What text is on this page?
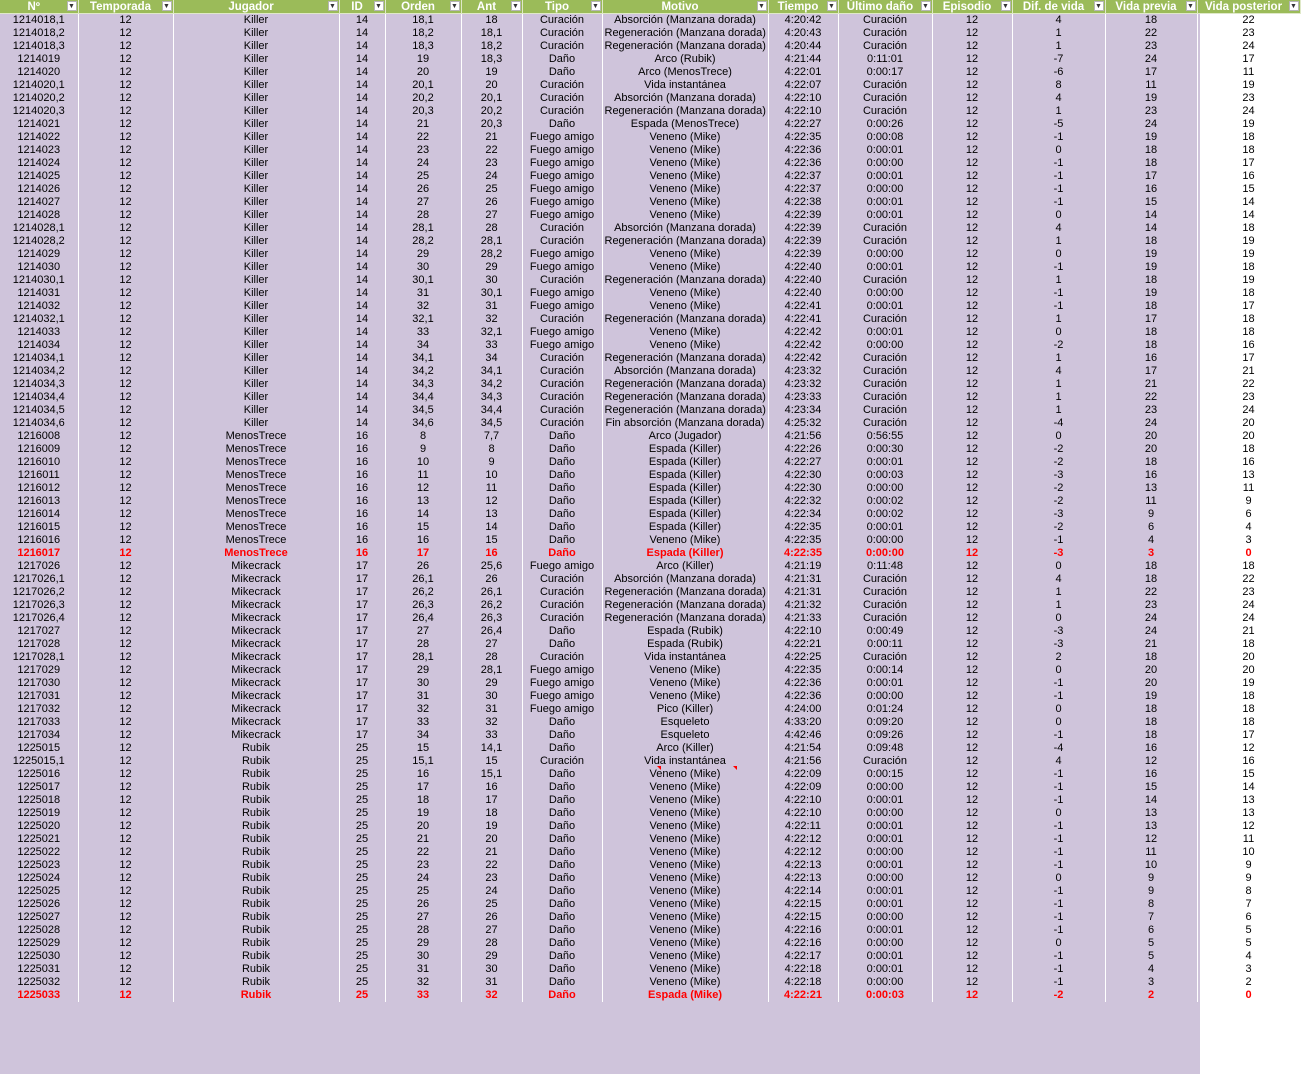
Nº ▼	Temporada ▼	Jugador ▼	ID ▼	Orden ▼	Ant ▼	Tipo ▼	Motivo ▼	Tiempo ▼	Último daño ▼	Episodio ▼	Dif. de vida ▼	Vida previa ▼	Vida posterior ▼

1214018,1	12	Killer	14	18,1	18	Curación	Absorción (Manzana dorada)	4:20:42	Curación	12	4	18	22
1214018,2	12	Killer	14	18,2	18,1	Curación	Regeneración (Manzana dorada)	4:20:43	Curación	12	1	22	23
1214018,3	12	Killer	14	18,3	18,2	Curación	Regeneración (Manzana dorada)	4:20:44	Curación	12	1	23	24
1214019	12	Killer	14	19	18,3	Daño	Arco (Rubik)	4:21:44	0:11:01	12	-7	24	17
1214020	12	Killer	14	20	19	Daño	Arco (MenosTrece)	4:22:01	0:00:17	12	-6	17	11
1214020,1	12	Killer	14	20,1	20	Curación	Vida instantánea	4:22:07	Curación	12	8	11	19
1214020,2	12	Killer	14	20,2	20,1	Curación	Absorción (Manzana dorada)	4:22:10	Curación	12	4	19	23
1214020,3	12	Killer	14	20,3	20,2	Curación	Regeneración (Manzana dorada)	4:22:10	Curación	12	1	23	24
1214021	12	Killer	14	21	20,3	Daño	Espada (MenosTrece)	4:22:27	0:00:26	12	-5	24	19
1214022	12	Killer	14	22	21	Fuego amigo	Veneno (Mike)	4:22:35	0:00:08	12	-1	19	18
1214023	12	Killer	14	23	22	Fuego amigo	Veneno (Mike)	4:22:36	0:00:01	12	0	18	18
1214024	12	Killer	14	24	23	Fuego amigo	Veneno (Mike)	4:22:36	0:00:00	12	-1	18	17
1214025	12	Killer	14	25	24	Fuego amigo	Veneno (Mike)	4:22:37	0:00:01	12	-1	17	16
1214026	12	Killer	14	26	25	Fuego amigo	Veneno (Mike)	4:22:37	0:00:00	12	-1	16	15
1214027	12	Killer	14	27	26	Fuego amigo	Veneno (Mike)	4:22:38	0:00:01	12	-1	15	14
1214028	12	Killer	14	28	27	Fuego amigo	Veneno (Mike)	4:22:39	0:00:01	12	0	14	14
1214028,1	12	Killer	14	28,1	28	Curación	Absorción (Manzana dorada)	4:22:39	Curación	12	4	14	18
1214028,2	12	Killer	14	28,2	28,1	Curación	Regeneración (Manzana dorada)	4:22:39	Curación	12	1	18	19
1214029	12	Killer	14	29	28,2	Fuego amigo	Veneno (Mike)	4:22:39	0:00:00	12	0	19	19
1214030	12	Killer	14	30	29	Fuego amigo	Veneno (Mike)	4:22:40	0:00:01	12	-1	19	18
1214030,1	12	Killer	14	30,1	30	Curación	Regeneración (Manzana dorada)	4:22:40	Curación	12	1	18	19
1214031	12	Killer	14	31	30,1	Fuego amigo	Veneno (Mike)	4:22:40	0:00:00	12	-1	19	18
1214032	12	Killer	14	32	31	Fuego amigo	Veneno (Mike)	4:22:41	0:00:01	12	-1	18	17
1214032,1	12	Killer	14	32,1	32	Curación	Regeneración (Manzana dorada)	4:22:41	Curación	12	1	17	18
1214033	12	Killer	14	33	32,1	Fuego amigo	Veneno (Mike)	4:22:42	0:00:01	12	0	18	18
1214034	12	Killer	14	34	33	Fuego amigo	Veneno (Mike)	4:22:42	0:00:00	12	-2	18	16
1214034,1	12	Killer	14	34,1	34	Curación	Regeneración (Manzana dorada)	4:22:42	Curación	12	1	16	17
1214034,2	12	Killer	14	34,2	34,1	Curación	Absorción (Manzana dorada)	4:23:32	Curación	12	4	17	21
1214034,3	12	Killer	14	34,3	34,2	Curación	Regeneración (Manzana dorada)	4:23:32	Curación	12	1	21	22
1214034,4	12	Killer	14	34,4	34,3	Curación	Regeneración (Manzana dorada)	4:23:33	Curación	12	1	22	23
1214034,5	12	Killer	14	34,5	34,4	Curación	Regeneración (Manzana dorada)	4:23:34	Curación	12	1	23	24
1214034,6	12	Killer	14	34,6	34,5	Curación	Fin absorción (Manzana dorada)	4:25:32	Curación	12	-4	24	20
1216008	12	MenosTrece	16	8	7,7	Daño	Arco (Jugador)	4:21:56	0:56:55	12	0	20	20
1216009	12	MenosTrece	16	9	8	Daño	Espada (Killer)	4:22:26	0:00:30	12	-2	20	18
1216010	12	MenosTrece	16	10	9	Daño	Espada (Killer)	4:22:27	0:00:01	12	-2	18	16
1216011	12	MenosTrece	16	11	10	Daño	Espada (Killer)	4:22:30	0:00:03	12	-3	16	13
1216012	12	MenosTrece	16	12	11	Daño	Espada (Killer)	4:22:30	0:00:00	12	-2	13	11
1216013	12	MenosTrece	16	13	12	Daño	Espada (Killer)	4:22:32	0:00:02	12	-2	11	9
1216014	12	MenosTrece	16	14	13	Daño	Espada (Killer)	4:22:34	0:00:02	12	-3	9	6
1216015	12	MenosTrece	16	15	14	Daño	Espada (Killer)	4:22:35	0:00:01	12	-2	6	4
1216016	12	MenosTrece	16	16	15	Daño	Veneno (Mike)	4:22:35	0:00:00	12	-1	4	3
1216017	12	MenosTrece	16	17	16	Daño	Espada (Killer)	4:22:35	0:00:00	12	-3	3	0
1217026	12	Mikecrack	17	26	25,6	Fuego amigo	Arco (Killer)	4:21:19	0:11:48	12	0	18	18
1217026,1	12	Mikecrack	17	26,1	26	Curación	Absorción (Manzana dorada)	4:21:31	Curación	12	4	18	22
1217026,2	12	Mikecrack	17	26,2	26,1	Curación	Regeneración (Manzana dorada)	4:21:31	Curación	12	1	22	23
1217026,3	12	Mikecrack	17	26,3	26,2	Curación	Regeneración (Manzana dorada)	4:21:32	Curación	12	1	23	24
1217026,4	12	Mikecrack	17	26,4	26,3	Curación	Regeneración (Manzana dorada)	4:21:33	Curación	12	0	24	24
1217027	12	Mikecrack	17	27	26,4	Daño	Espada (Rubik)	4:22:10	0:00:49	12	-3	24	21
1217028	12	Mikecrack	17	28	27	Daño	Espada (Rubik)	4:22:21	0:00:11	12	-3	21	18
1217028,1	12	Mikecrack	17	28,1	28	Curación	Vida instantánea	4:22:25	Curación	12	2	18	20
1217029	12	Mikecrack	17	29	28,1	Fuego amigo	Veneno (Mike)	4:22:35	0:00:14	12	0	20	20
1217030	12	Mikecrack	17	30	29	Fuego amigo	Veneno (Mike)	4:22:36	0:00:01	12	-1	20	19
1217031	12	Mikecrack	17	31	30	Fuego amigo	Veneno (Mike)	4:22:36	0:00:00	12	-1	19	18
1217032	12	Mikecrack	17	32	31	Fuego amigo	Pico (Killer)	4:24:00	0:01:24	12	0	18	18
1217033	12	Mikecrack	17	33	32	Daño	Esqueleto	4:33:20	0:09:20	12	0	18	18
1217034	12	Mikecrack	17	34	33	Daño	Esqueleto	4:42:46	0:09:26	12	-1	18	17
1225015	12	Rubik	25	15	14,1	Daño	Arco (Killer)	4:21:54	0:09:48	12	-4	16	12
1225015,1	12	Rubik	25	15,1	15	Curación	Vida instantánea	4:21:56	Curación	12	4	12	16
1225016	12	Rubik	25	16	15,1	Daño	Veneno (Mike)	4:22:09	0:00:15	12	-1	16	15
1225017	12	Rubik	25	17	16	Daño	Veneno (Mike)	4:22:09	0:00:00	12	-1	15	14
1225018	12	Rubik	25	18	17	Daño	Veneno (Mike)	4:22:10	0:00:01	12	-1	14	13
1225019	12	Rubik	25	19	18	Daño	Veneno (Mike)	4:22:10	0:00:00	12	0	13	13
1225020	12	Rubik	25	20	19	Daño	Veneno (Mike)	4:22:11	0:00:01	12	-1	13	12
1225021	12	Rubik	25	21	20	Daño	Veneno (Mike)	4:22:12	0:00:01	12	-1	12	11
1225022	12	Rubik	25	22	21	Daño	Veneno (Mike)	4:22:12	0:00:00	12	-1	11	10
1225023	12	Rubik	25	23	22	Daño	Veneno (Mike)	4:22:13	0:00:01	12	-1	10	9
1225024	12	Rubik	25	24	23	Daño	Veneno (Mike)	4:22:13	0:00:00	12	0	9	9
1225025	12	Rubik	25	25	24	Daño	Veneno (Mike)	4:22:14	0:00:01	12	-1	9	8
1225026	12	Rubik	25	26	25	Daño	Veneno (Mike)	4:22:15	0:00:01	12	-1	8	7
1225027	12	Rubik	25	27	26	Daño	Veneno (Mike)	4:22:15	0:00:00	12	-1	7	6
1225028	12	Rubik	25	28	27	Daño	Veneno (Mike)	4:22:16	0:00:01	12	-1	6	5
1225029	12	Rubik	25	29	28	Daño	Veneno (Mike)	4:22:16	0:00:00	12	0	5	5
1225030	12	Rubik	25	30	29	Daño	Veneno (Mike)	4:22:17	0:00:01	12	-1	5	4
1225031	12	Rubik	25	31	30	Daño	Veneno (Mike)	4:22:18	0:00:01	12	-1	4	3
1225032	12	Rubik	25	32	31	Daño	Veneno (Mike)	4:22:18	0:00:00	12	-1	3	2
1225033	12	Rubik	25	33	32	Daño	Espada (Mike)	4:22:21	0:00:03	12	-2	2	0
